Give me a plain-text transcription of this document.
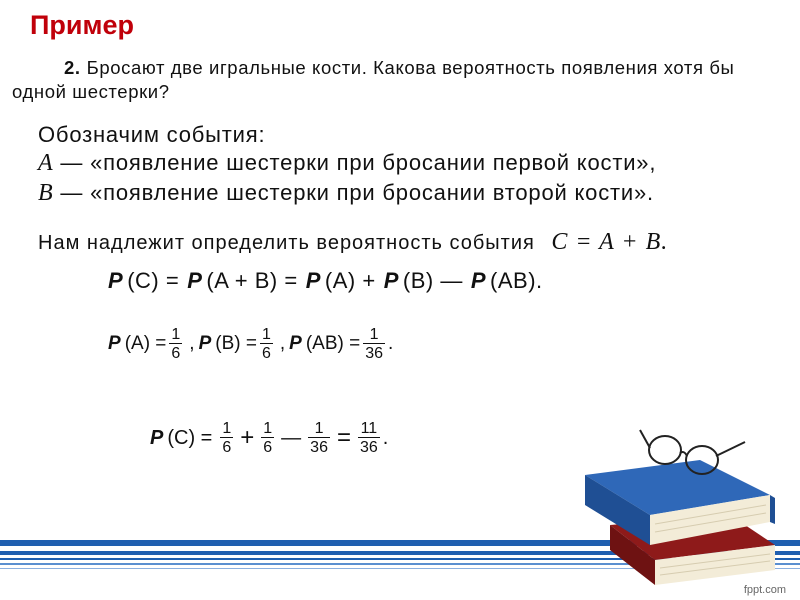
Пример
2. Бросают две игральные кости. Какова вероятность появления хотя бы одной шестерки?
Обозначим события:
A — «появление шестерки при бросании первой кости»,
B — «появление шестерки при бросании второй кости».
Нам надлежит определить вероятность события C = A + B.
P (C) = P (A + B) = P (A) + P (B) — P (AB).
P $(A) = \frac{1}{6}$ , P $(B) = \frac{1}{6}$ , P $(AB) = \frac{1}{36}$ .
P $(C) = \frac{1}{6} + \frac{1}{6}$ — $\frac{1}{36} = \frac{11}{36}$ .
fppt.com
